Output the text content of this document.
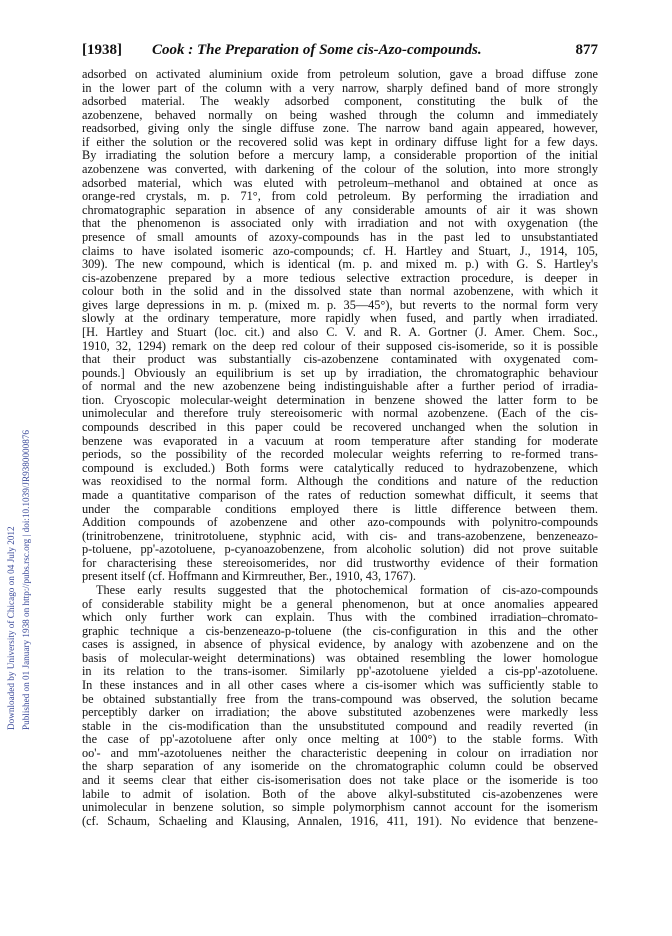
[1938] Cook : The Preparation of Some cis-Azo-compounds.	877
Downloaded by University of Chicago on 04 July 2012 Published on 01 January 1938 on http://pubs.rsc.org | doi:10.1039/JR9380000876
adsorbed on activated aluminium oxide from petroleum solution, gave a broad diffuse zone
in the lower part of the column with a very narrow, sharply defined band of more strongly
adsorbed material. The weakly adsorbed component, constituting the bulk of the
azobenzene, behaved normally on being washed through the column and immediately
readsorbed, giving only the single diffuse zone. The narrow band again appeared, however,
if either the solution or the recovered solid was kept in ordinary diffuse light for a few days.
By irradiating the solution before a mercury lamp, a considerable proportion of the initial
azobenzene was converted, with darkening of the colour of the solution, into more strongly
adsorbed material, which was eluted with petroleum–methanol and obtained at once as
orange-red crystals, m. p. 71°, from cold petroleum. By performing the irradiation and
chromatographic separation in absence of any considerable amounts of air it was shown
that the phenomenon is associated only with irradiation and not with oxygenation (the
presence of small amounts of azoxy-compounds has in the past led to unsubstantiated
claims to have isolated isomeric azo-compounds; cf. H. Hartley and Stuart, J., 1914, 105,
309). The new compound, which is identical (m. p. and mixed m. p.) with G. S. Hartley's
cis-azobenzene prepared by a more tedious selective extraction procedure, is deeper in
colour both in the solid and in the dissolved state than normal azobenzene, with which it
gives large depressions in m. p. (mixed m. p. 35—45°), but reverts to the normal form very
slowly at the ordinary temperature, more rapidly when fused, and partly when irradiated.
[H. Hartley and Stuart (loc. cit.) and also C. V. and R. A. Gortner (J. Amer. Chem. Soc.,
1910, 32, 1294) remark on the deep red colour of their supposed cis-isomeride, so it is possible
that their product was substantially cis-azobenzene contaminated with oxygenated com-
pounds.] Obviously an equilibrium is set up by irradiation, the chromatographic behaviour
of normal and the new azobenzene being indistinguishable after a further period of irradia-
tion. Cryoscopic molecular-weight determination in benzene showed the latter form to be
unimolecular and therefore truly stereoisomeric with normal azobenzene. (Each of the cis-
compounds described in this paper could be recovered unchanged when the solution in
benzene was evaporated in a vacuum at room temperature after standing for moderate
periods, so the possibility of the recorded molecular weights referring to re-formed trans-
compound is excluded.) Both forms were catalytically reduced to hydrazobenzene, which
was reoxidised to the normal form. Although the conditions and nature of the reduction
made a quantitative comparison of the rates of reduction somewhat difficult, it seems that
under the comparable conditions employed there is little difference between them.
Addition compounds of azobenzene and other azo-compounds with polynitro-compounds
(trinitrobenzene, trinitrotoluene, styphnic acid, with cis- and trans-azobenzene, benzeneazo-
p-toluene, pp'-azotoluene, p-cyanoazobenzene, from alcoholic solution) did not prove suitable
for characterising these stereoisomerides, nor did trustworthy evidence of their formation
present itself (cf. Hoffmann and Kirmreuther, Ber., 1910, 43, 1767).
These early results suggested that the photochemical formation of cis-azo-compounds
of considerable stability might be a general phenomenon, but at once anomalies appeared
which only further work can explain. Thus with the combined irradiation–chromato-
graphic technique a cis-benzeneazo-p-toluene (the cis-configuration in this and the other
cases is assigned, in absence of physical evidence, by analogy with azobenzene and on the
basis of molecular-weight determinations) was obtained resembling the lower homologue
in its relation to the trans-isomer. Similarly pp'-azotoluene yielded a cis-pp'-azotoluene.
In these instances and in all other cases where a cis-isomer which was sufficiently stable to
be obtained substantially free from the trans-compound was observed, the solution became
perceptibly darker on irradiation; the above substituted azobenzenes were markedly less
stable in the cis-modification than the unsubstituted compound and readily reverted (in
the case of pp'-azotoluene after only once melting at 100°) to the stable forms. With
oo'- and mm'-azotoluenes neither the characteristic deepening in colour on irradiation nor
the sharp separation of any isomeride on the chromatographic column could be observed
and it seems clear that either cis-isomerisation does not take place or the isomeride is too
labile to admit of isolation. Both of the above alkyl-substituted cis-azobenzenes were
unimolecular in benzene solution, so simple polymorphism cannot account for the isomerism
(cf. Schaum, Schaeling and Klausing, Annalen, 1916, 411, 191). No evidence that benzene-
